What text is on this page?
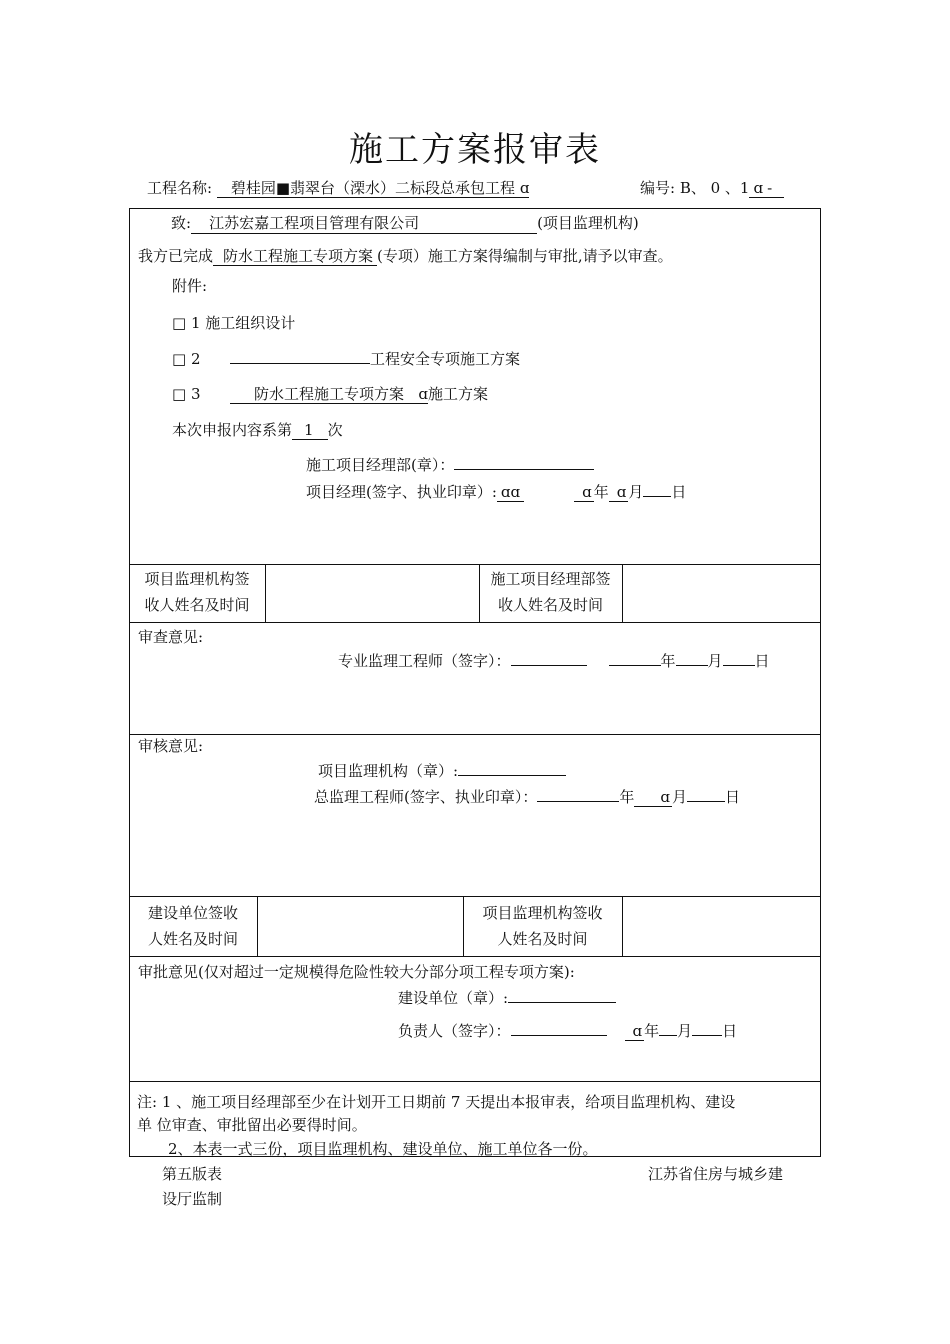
施工方案报审表
工程名称: 碧桂园■翡翠台（溧水）二标段总承包工程 ɑ	编号: B、 0 、1 ɑ -
致: 江苏宏嘉工程项目管理有限公司	(项目监理机构)
我方已完成 防水工程施工专项方案 (专项）施工方案得编制与审批,请予以审查。
附件:
□ 1 施工组织设计
□ 2	工程安全专项施工方案
□ 3	防水工程施工专项方案 ɑ施工方案
本次申报内容系第 1 次
施工项目经理部(章）：
项目经理(签字、执业印章）: ɑɑ	ɑ 年 ɑ 月 日
项目监理机构签
收人姓名及时间
施工项目经理部签
收人姓名及时间
审查意见:
专业监理工程师（签字）：	年 月 日
审核意见:
项目监理机构（章）:
总监理工程师(签字、执业印章）：	年 ɑ 月	日
建设单位签收
人姓名及时间
项目监理机构签收
人姓名及时间
审批意见(仅对超过一定规模得危险性较大分部分项工程专项方案):
建设单位（章）:
负责人（签字）：	ɑ 年 月 日
注: 1 、施工项目经理部至少在计划开工日期前 7 天提出本报审表，给项目监理机构、建设
单 位审查、审批留出必要得时间。
2、本表一式三份，项目监理机构、建设单位、施工单位各一份。
第五版表
设厅监制
江苏省住房与城乡建
